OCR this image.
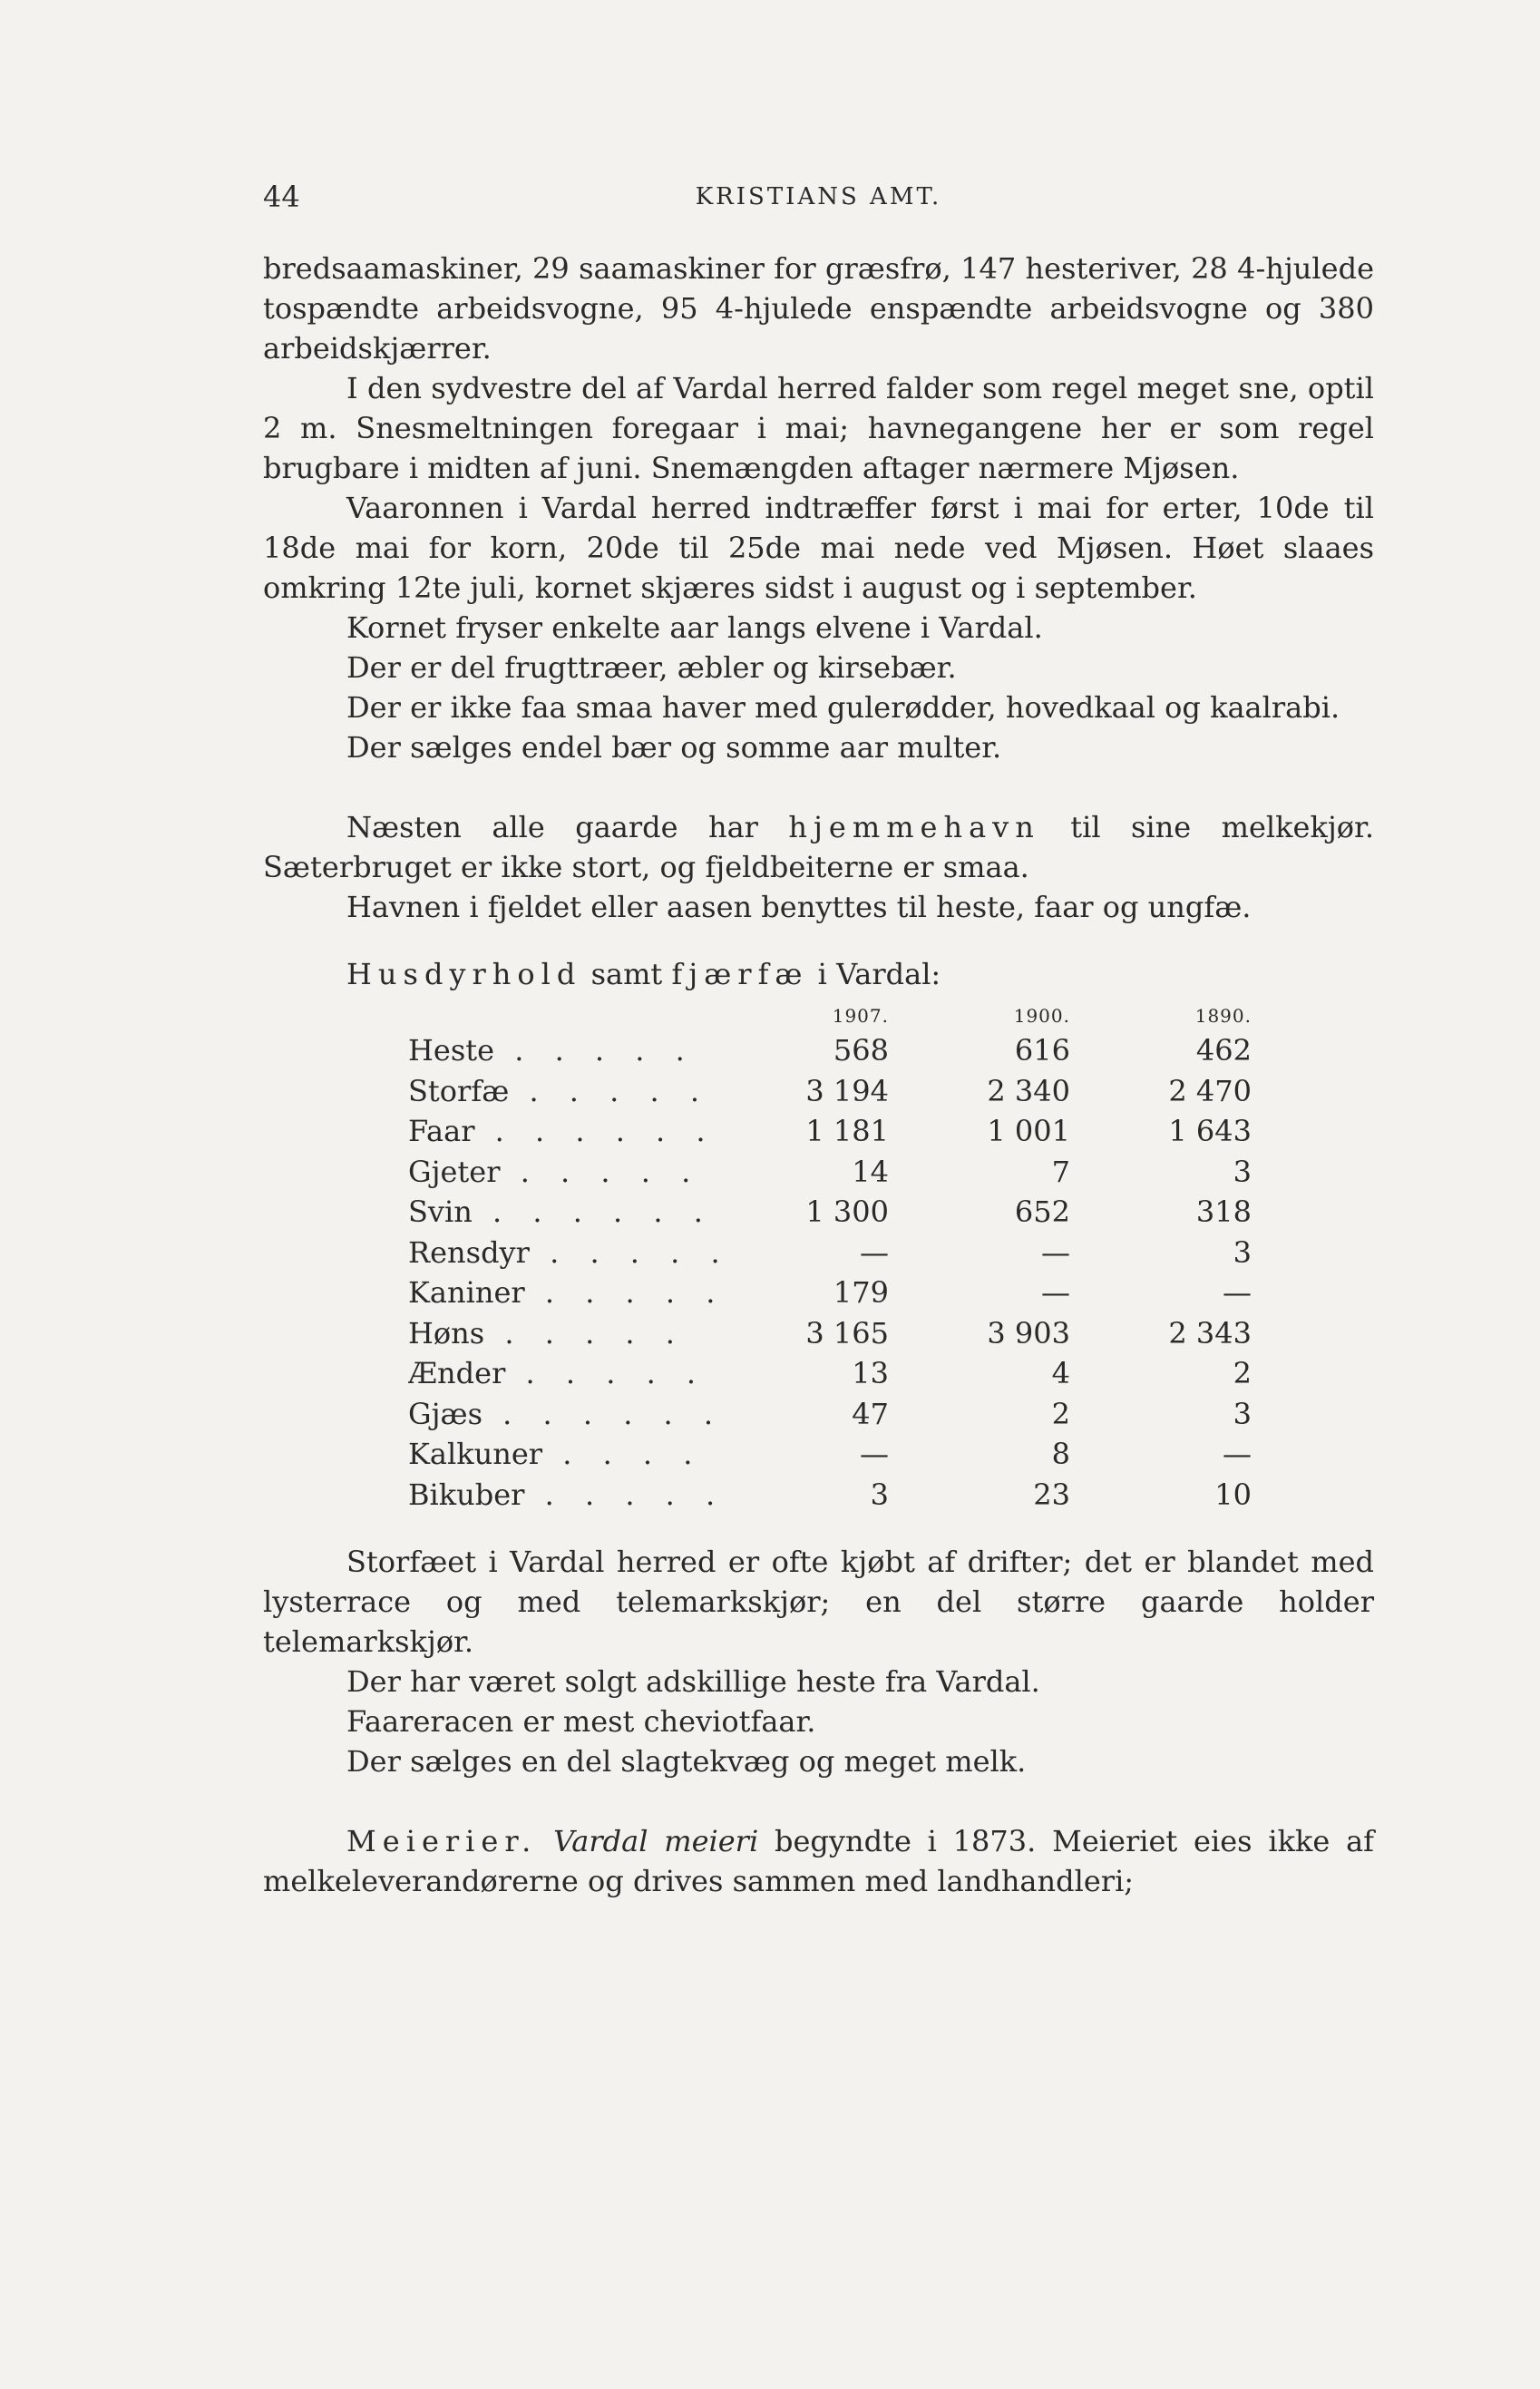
44	KRISTIANS AMT.

bredsaamaskiner, 29 saamaskiner for græsfrø, 147 hesteriver, 28 4-hjulede tospændte arbeidsvogne, 95 4-hjulede enspændte arbeidsvogne og 380 arbeidskjærrer.

I den sydvestre del af Vardal herred falder som regel meget sne, optil 2 m. Snesmeltningen foregaar i mai; havnegangene her er som regel brugbare i midten af juni. Snemængden aftager nærmere Mjøsen.

Vaaronnen i Vardal herred indtræffer først i mai for erter, 10de til 18de mai for korn, 20de til 25de mai nede ved Mjøsen. Høet slaaes omkring 12te juli, kornet skjæres sidst i august og i september.

Kornet fryser enkelte aar langs elvene i Vardal.

Der er del frugttræer, æbler og kirsebær.

Der er ikke faa smaa haver med gulerødder, hovedkaal og kaalrabi.

Der sælges endel bær og somme aar multer.

Næsten alle gaarde har hjemmehavn til sine melkekjør. Sæterbruget er ikke stort, og fjeldbeiterne er smaa.

Havnen i fjeldet eller aasen benyttes til heste, faar og ungfæ.

Husdyrhold samt fjærfæ i Vardal:

	1907.	1900.	1890.
Heste . . . . .	568	616	462
Storfæ . . . . .	3 194	2 340	2 470
Faar . . . . . .	1 181	1 001	1 643
Gjeter . . . . .	14	7	3
Svin . . . . . .	1 300	652	318
Rensdyr . . . . .	—	—	3
Kaniner . . . . .	179	—	—
Høns . . . . .	3 165	3 903	2 343
Ænder . . . . .	13	4	2
Gjæs . . . . . .	47	2	3
Kalkuner . . . .	—	8	—
Bikuber . . . . .	3	23	10

Storfæet i Vardal herred er ofte kjøbt af drifter; det er blandet med lysterrace og med telemarkskjør; en del større gaarde holder telemarkskjør.

Der har været solgt adskillige heste fra Vardal.

Faareracen er mest cheviotfaar.

Der sælges en del slagtekvæg og meget melk.

Meierier. Vardal meieri begyndte i 1873. Meieriet eies ikke af melkeleverandørerne og drives sammen med landhandleri;
